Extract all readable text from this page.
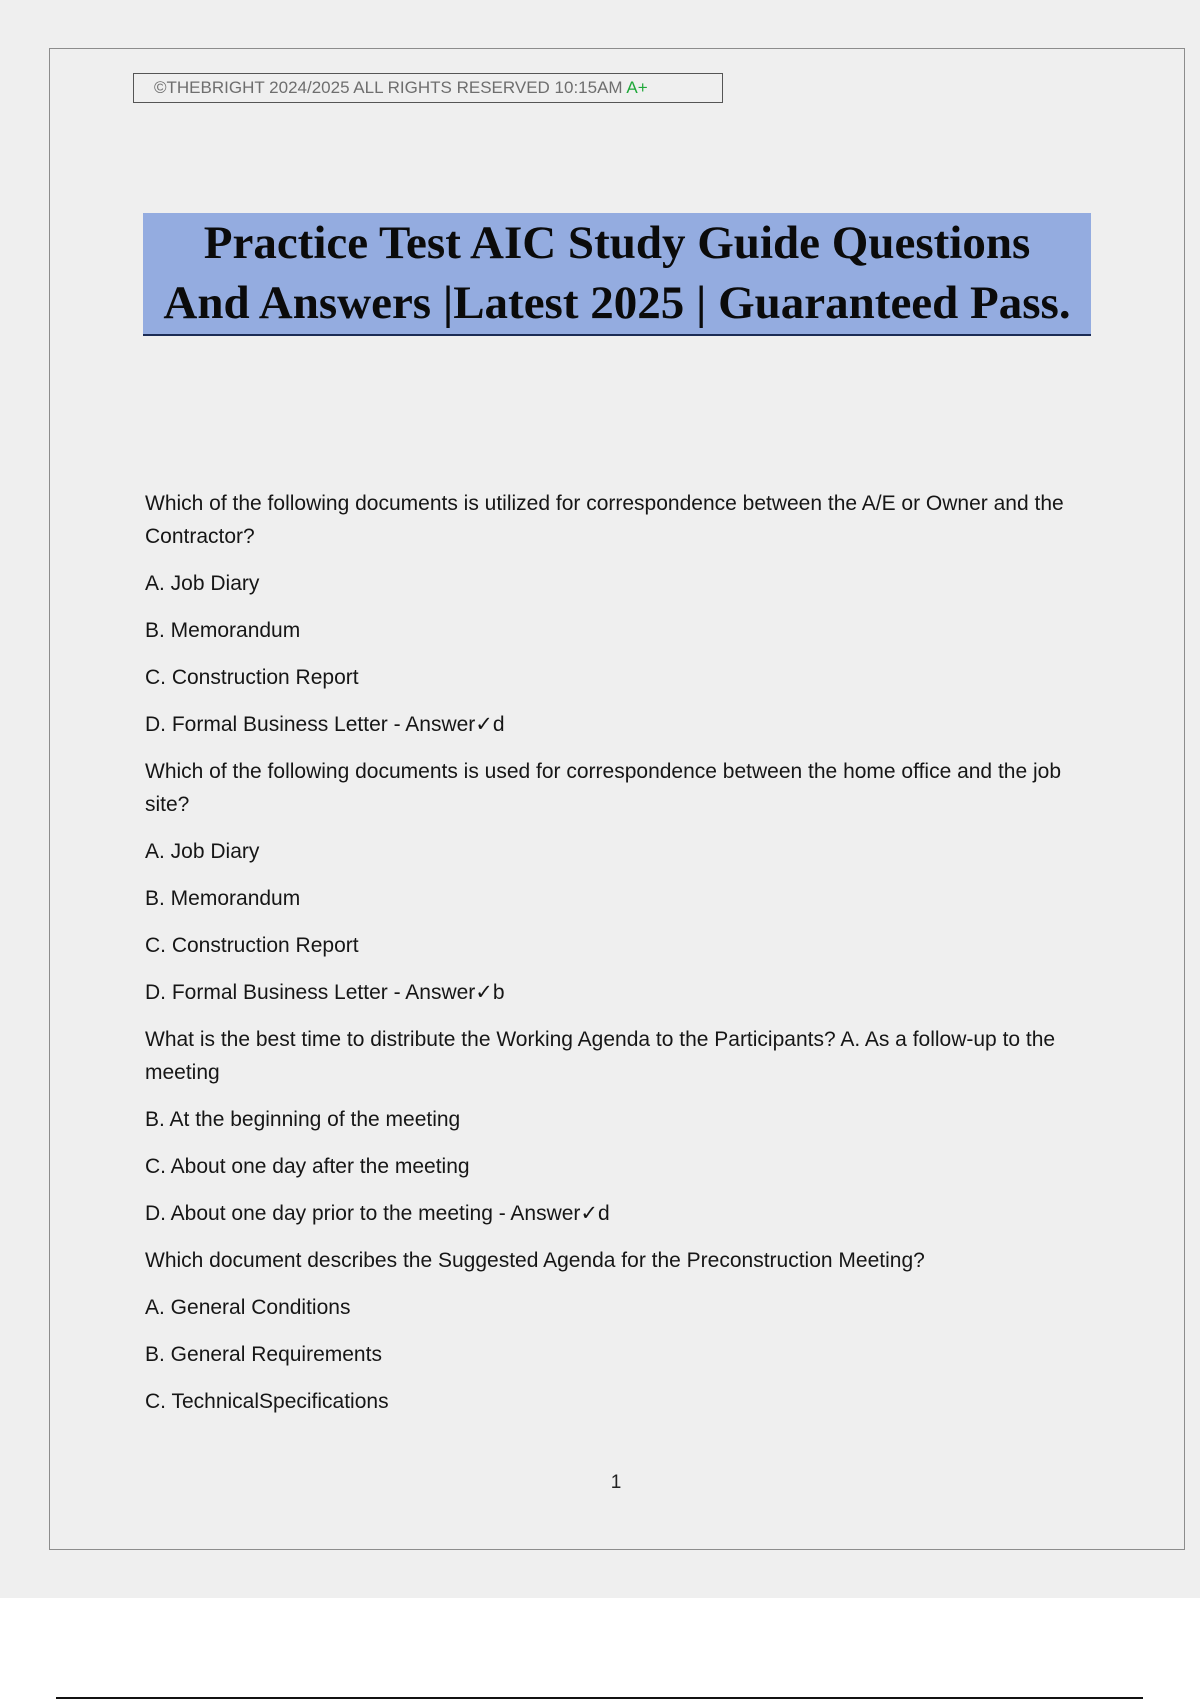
©THEBRIGHT 2024/2025 ALL RIGHTS RESERVED 10:15AM A+
Practice Test AIC Study Guide Questions
And Answers |Latest 2025 | Guaranteed Pass.
Which of the following documents is utilized for correspondence between the A/E or Owner and the Contractor?
A. Job Diary
B. Memorandum
C. Construction Report
D. Formal Business Letter - Answer✓d
Which of the following documents is used for correspondence between the home office and the job site?
A. Job Diary
B. Memorandum
C. Construction Report
D. Formal Business Letter - Answer✓b
What is the best time to distribute the Working Agenda to the Participants? A. As a follow-up to the meeting
B. At the beginning of the meeting
C. About one day after the meeting
D. About one day prior to the meeting - Answer✓d
Which document describes the Suggested Agenda for the Preconstruction Meeting?
A. General Conditions
B. General Requirements
C. TechnicalSpecifications
1
